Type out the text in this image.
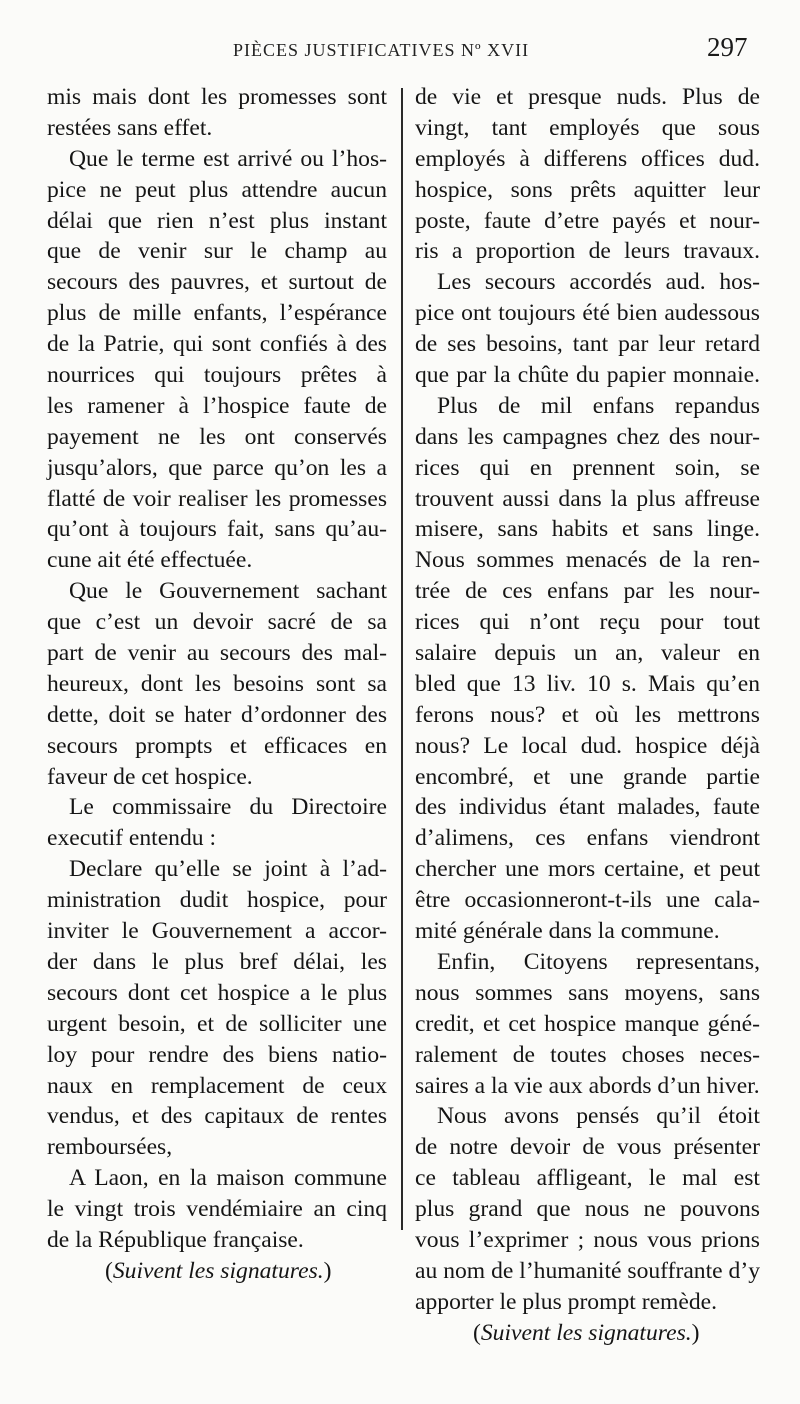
PIÈCES JUSTIFICATIVES Nº XVII	297
mis mais dont les promesses sont
restées sans effet.
Que le terme est arrivé ou l’hos-
pice ne peut plus attendre aucun
délai que rien n’est plus instant
que de venir sur le champ au
secours des pauvres, et surtout de
plus de mille enfants, l’espérance
de la Patrie, qui sont confiés à des
nourrices qui toujours prêtes à
les ramener à l’hospice faute de
payement ne les ont conservés
jusqu’alors, que parce qu’on les a
flatté de voir realiser les promesses
qu’ont à toujours fait, sans qu’au-
cune ait été effectuée.
Que le Gouvernement sachant
que c’est un devoir sacré de sa
part de venir au secours des mal-
heureux, dont les besoins sont sa
dette, doit se hater d’ordonner des
secours prompts et efficaces en
faveur de cet hospice.
Le commissaire du Directoire
executif entendu :
Declare qu’elle se joint à l’ad-
ministration dudit hospice, pour
inviter le Gouvernement a accor-
der dans le plus bref délai, les
secours dont cet hospice a le plus
urgent besoin, et de solliciter une
loy pour rendre des biens natio-
naux en remplacement de ceux
vendus, et des capitaux de rentes
remboursées,
A Laon, en la maison commune
le vingt trois vendémiaire an cinq
de la République française.
(Suivent les signatures.)
de vie et presque nuds. Plus de
vingt, tant employés que sous
employés à differens offices dud.
hospice, sons prêts aquitter leur
poste, faute d’etre payés et nour-
ris a proportion de leurs travaux.
Les secours accordés aud. hos-
pice ont toujours été bien audessous
de ses besoins, tant par leur retard
que par la chûte du papier monnaie.
Plus de mil enfans repandus
dans les campagnes chez des nour-
rices qui en prennent soin, se
trouvent aussi dans la plus affreuse
misere, sans habits et sans linge.
Nous sommes menacés de la ren-
trée de ces enfans par les nour-
rices qui n’ont reçu pour tout
salaire depuis un an, valeur en
bled que 13 liv. 10 s. Mais qu’en
ferons nous? et où les mettrons
nous? Le local dud. hospice déjà
encombré, et une grande partie
des individus étant malades, faute
d’alimens, ces enfans viendront
chercher une mors certaine, et peut
être occasionneront-t-ils une cala-
mité générale dans la commune.
Enfin, Citoyens representans,
nous sommes sans moyens, sans
credit, et cet hospice manque géné-
ralement de toutes choses neces-
saires a la vie aux abords d’un hiver.
Nous avons pensés qu’il étoit
de notre devoir de vous présenter
ce tableau affligeant, le mal est
plus grand que nous ne pouvons
vous l’exprimer ; nous vous prions
au nom de l’humanité souffrante d’y
apporter le plus prompt remède.
(Suivent les signatures.)
